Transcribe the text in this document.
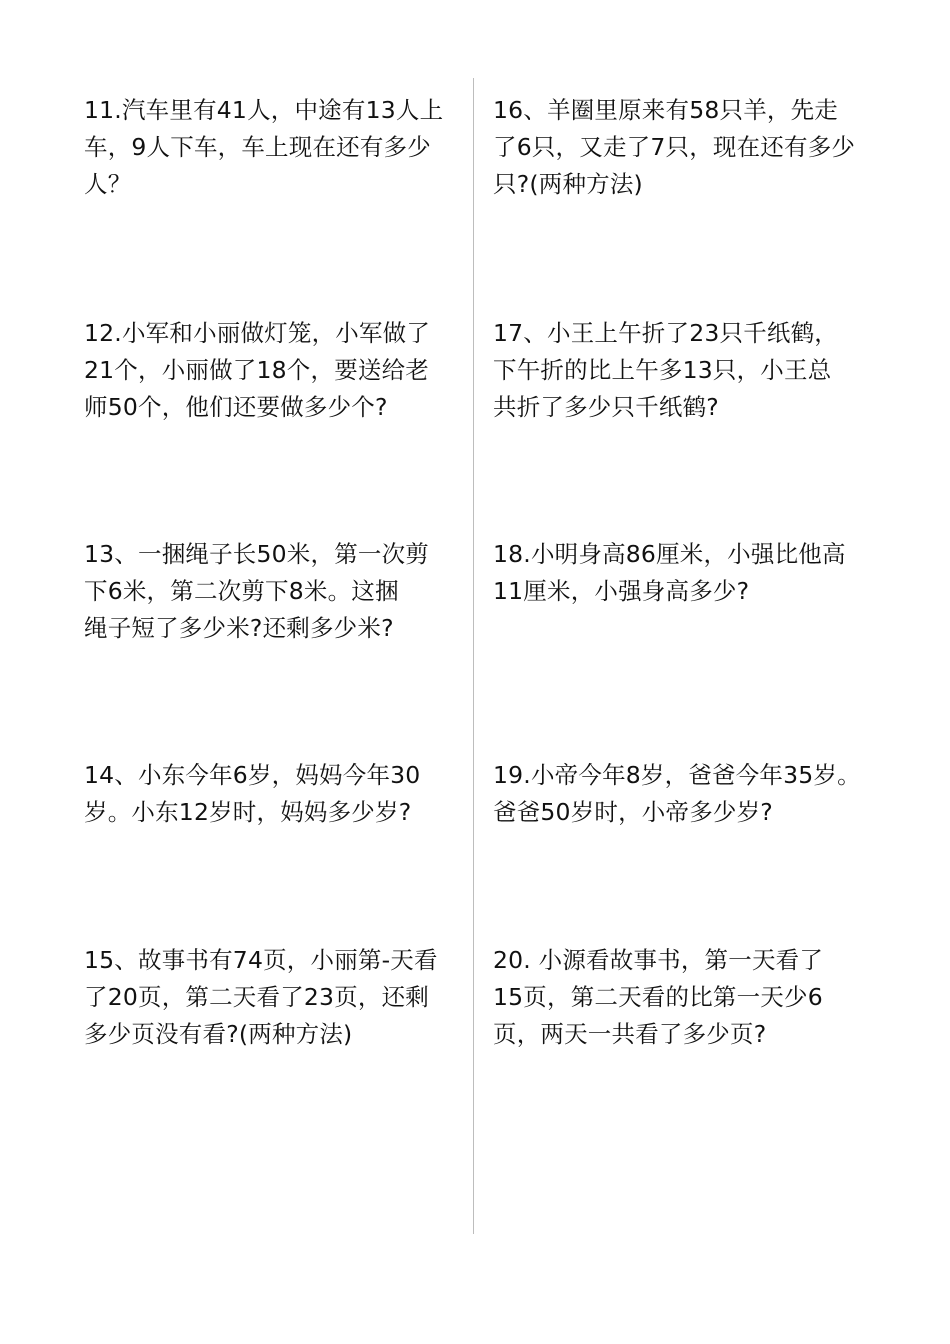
11.汽车里有41人，中途有13人上
车，9人下车，车上现在还有多少
人？
12.小军和小丽做灯笼，小军做了
21个，小丽做了18个，要送给老
师50个，他们还要做多少个?
13、一捆绳子长50米，第一次剪
下6米，第二次剪下8米。这捆
绳子短了多少米?还剩多少米?
14、小东今年6岁，妈妈今年30
岁。小东12岁时，妈妈多少岁?
15、故事书有74页，小丽第-天看
了20页，第二天看了23页，还剩
多少页没有看?(两种方法)
16、羊圈里原来有58只羊，先走
了6只，又走了7只，现在还有多少
只?(两种方法)
17、小王上午折了23只千纸鹤，
下午折的比上午多13只，小王总
共折了多少只千纸鹤?
18.小明身高86厘米，小强比他高
11厘米，小强身高多少?
19.小帝今年8岁，爸爸今年35岁。
爸爸50岁时，小帝多少岁?
20. 小源看故事书，第一天看了
15页，第二天看的比第一天少6
页，两天一共看了多少页?
